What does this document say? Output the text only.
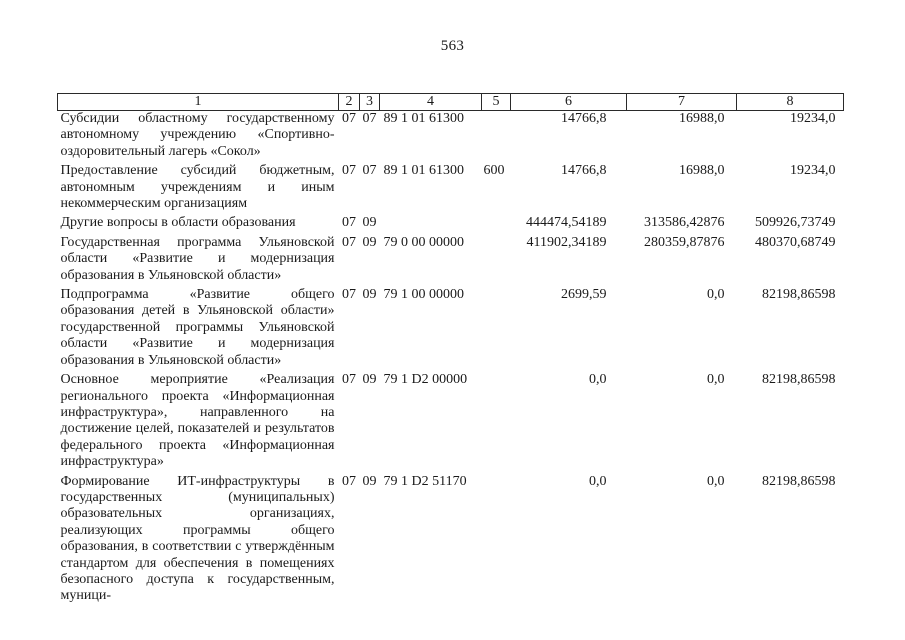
563
1	2	3	4	5	6	7	8
Субсидии областному государственному автономному учреждению «Спортивно-оздоровительный лагерь «Сокол»	07	07	89 1 01 61300		14766,8	16988,0	19234,0
Предоставление субсидий бюджетным, автономным учреждениям и иным некоммерческим организациям	07	07	89 1 01 61300	600	14766,8	16988,0	19234,0
Другие вопросы в области образования	07	09			444474,54189	313586,42876	509926,73749
Государственная программа Ульяновской области «Развитие и модернизация образования в Ульяновской области»	07	09	79 0 00 00000		411902,34189	280359,87876	480370,68749
Подпрограмма «Развитие общего образования детей в Ульяновской области» государственной программы Ульяновской области «Развитие и модернизация образования в Ульяновской области»	07	09	79 1 00 00000		2699,59	0,0	82198,86598
Основное мероприятие «Реализация регионального проекта «Информационная инфраструктура», направленного на достижение целей, показателей и результатов федерального проекта «Информационная инфраструктура»	07	09	79 1 D2 00000		0,0	0,0	82198,86598
Формирование ИТ-инфраструктуры в государственных (муниципальных) образовательных организациях, реализующих программы общего образования, в соответствии с утверждённым стандартом для обеспечения в помещениях безопасного доступа к государственным, муници-	07	09	79 1 D2 51170		0,0	0,0	82198,86598
